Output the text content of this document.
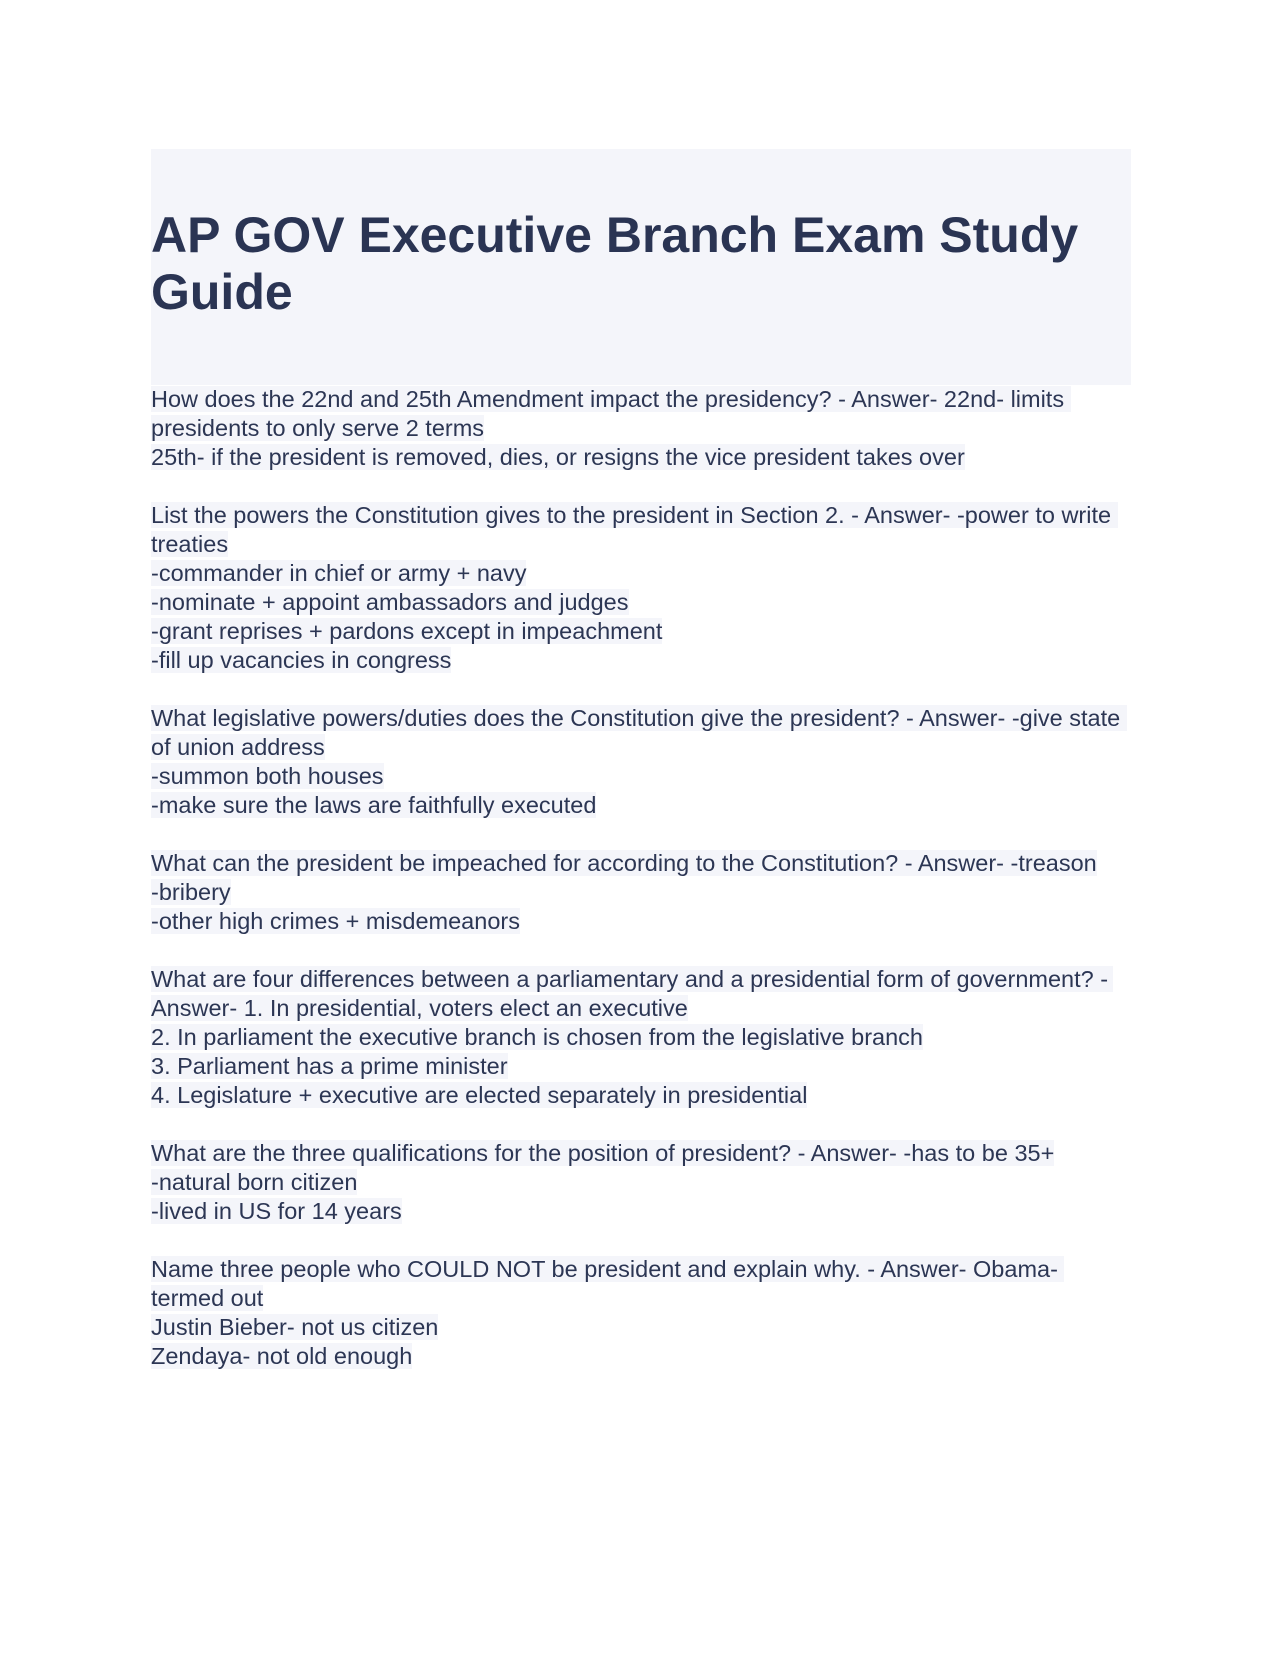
AP GOV Executive Branch Exam Study Guide
How does the 22nd and 25th Amendment impact the presidency? - Answer- 22nd- limits presidents to only serve 2 terms
25th- if the president is removed, dies, or resigns the vice president takes over
List the powers the Constitution gives to the president in Section 2. - Answer- -power to write treaties
-commander in chief or army + navy
-nominate + appoint ambassadors and judges
-grant reprises + pardons except in impeachment
-fill up vacancies in congress
What legislative powers/duties does the Constitution give the president? - Answer- -give state of union address
-summon both houses
-make sure the laws are faithfully executed
What can the president be impeached for according to the Constitution? - Answer- -treason
-bribery
-other high crimes + misdemeanors
What are four differences between a parliamentary and a presidential form of government? - Answer- 1. In presidential, voters elect an executive
2. In parliament the executive branch is chosen from the legislative branch
3. Parliament has a prime minister
4. Legislature + executive are elected separately in presidential
What are the three qualifications for the position of president? - Answer- -has to be 35+
-natural born citizen
-lived in US for 14 years
Name three people who COULD NOT be president and explain why. - Answer- Obama- termed out
Justin Bieber- not us citizen
Zendaya- not old enough
